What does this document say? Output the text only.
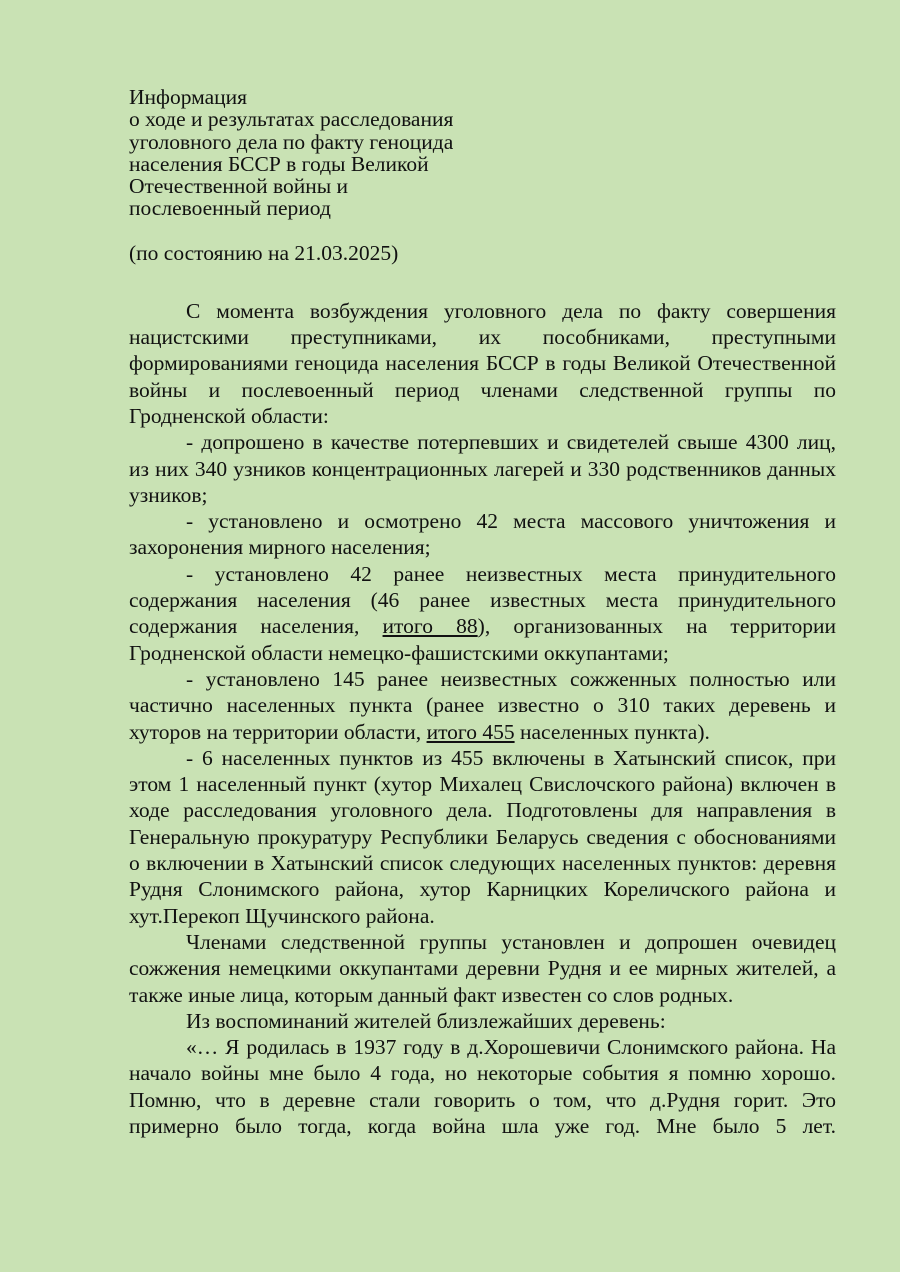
Информация
о ходе и результатах расследования
уголовного дела по факту геноцида
населения БССР в годы Великой
Отечественной войны и
послевоенный период
(по состоянию на 21.03.2025)

С момента возбуждения уголовного дела по факту совершения нацистскими преступниками, их пособниками, преступными формированиями геноцида населения БССР в годы Великой Отечественной войны и послевоенный период членами следственной группы по Гродненской области:

- допрошено в качестве потерпевших и свидетелей свыше 4300 лиц, из них 340 узников концентрационных лагерей и 330 родственников данных узников;

- установлено и осмотрено 42 места массового уничтожения и захоронения мирного населения;

- установлено 42 ранее неизвестных места принудительного содержания населения (46 ранее известных места принудительного содержания населения, итого 88), организованных на территории Гродненской области немецко-фашистскими оккупантами;

- установлено 145 ранее неизвестных сожженных полностью или частично населенных пункта (ранее известно о 310 таких деревень и хуторов на территории области, итого 455 населенных пункта).

- 6 населенных пунктов из 455 включены в Хатынский список, при этом 1 населенный пункт (хутор Михалец Свислочского района) включен в ходе расследования уголовного дела. Подготовлены для направления в Генеральную прокуратуру Республики Беларусь сведения с обоснованиями о включении в Хатынский список следующих населенных пунктов: деревня Рудня Слонимского района, хутор Карницких Кореличского района и хут.Перекоп Щучинского района.

Членами следственной группы установлен и допрошен очевидец сожжения немецкими оккупантами деревни Рудня и ее мирных жителей, а также иные лица, которым данный факт известен со слов родных.

Из воспоминаний жителей близлежайших деревень:

«… Я родилась в 1937 году в д.Хорошевичи Слонимского района. На начало войны мне было 4 года, но некоторые события я помню хорошо. Помню, что в деревне стали говорить о том, что д.Рудня горит. Это примерно было тогда, когда война шла уже год. Мне было 5 лет.
